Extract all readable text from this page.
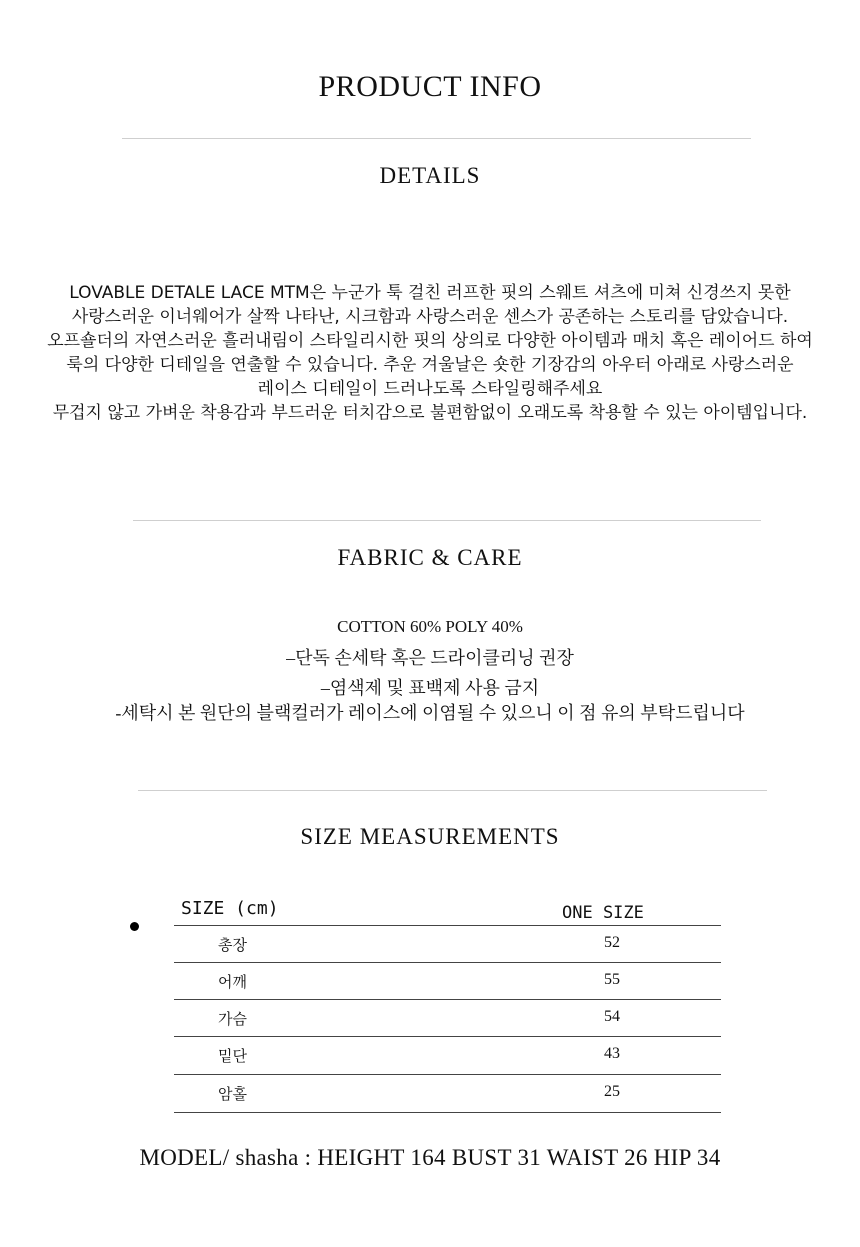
PRODUCT INFO
DETAILS
LOVABLE DETALE LACE MTM은 누군가 툭 걸친 러프한 핏의 스웨트 셔츠에 미쳐 신경쓰지 못한
사랑스러운 이너웨어가 살짝 나타난, 시크함과 사랑스러운 센스가 공존하는 스토리를 담았습니다.
오프숄더의 자연스러운 흘러내림이 스타일리시한 핏의 상의로 다양한 아이템과 매치 혹은 레이어드 하여
룩의 다양한 디테일을 연출할 수 있습니다. 추운 겨울날은 숏한 기장감의 아우터 아래로 사랑스러운
레이스 디테일이 드러나도록 스타일링해주세요
무겁지 않고 가벼운 착용감과 부드러운 터치감으로 불편함없이 오래도록 착용할 수 있는 아이템입니다.
FABRIC & CARE
COTTON 60% POLY 40%
–단독 손세탁 혹은 드라이클리닝 권장
–염색제 및 표백제 사용 금지
-세탁시 본 원단의 블랙컬러가 레이스에 이염될 수 있으니 이 점 유의 부탁드립니다
SIZE MEASUREMENTS
SIZE (cm)	ONE SIZE
총장	52
어깨	55
가슴	54
밑단	43
암홀	25
MODEL/ shasha : HEIGHT 164 BUST 31 WAIST 26 HIP 34
